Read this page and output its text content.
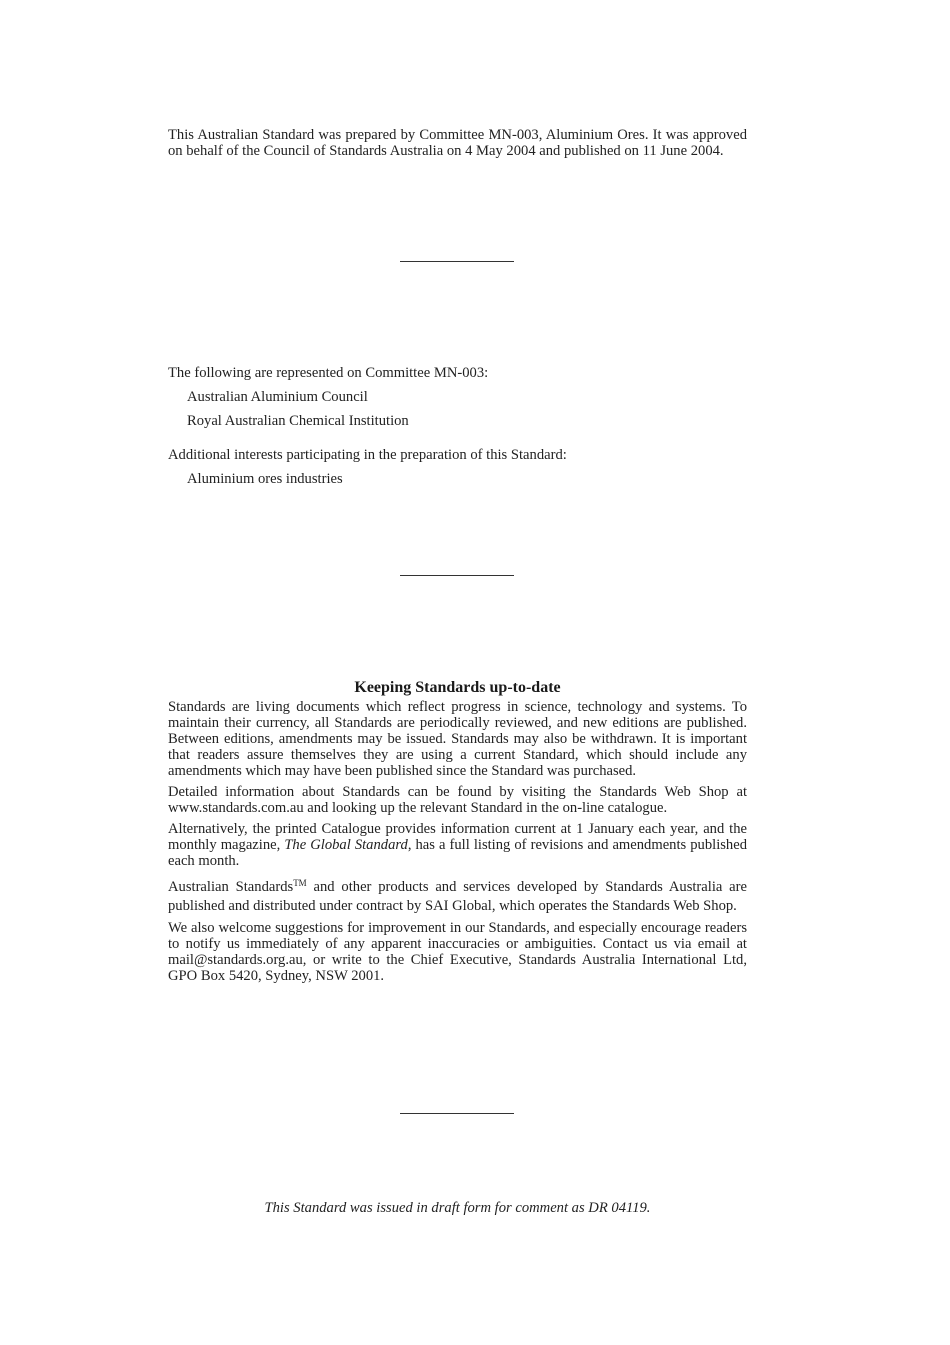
This Australian Standard was prepared by Committee MN-003, Aluminium Ores. It was approved on behalf of the Council of Standards Australia on 4 May 2004 and published on 11 June 2004.

The following are represented on Committee MN-003:

Australian Aluminium Council
Royal Australian Chemical Institution

Additional interests participating in the preparation of this Standard:

Aluminium ores industries
Keeping Standards up-to-date

Standards are living documents which reflect progress in science, technology and systems. To maintain their currency, all Standards are periodically reviewed, and new editions are published. Between editions, amendments may be issued. Standards may also be withdrawn. It is important that readers assure themselves they are using a current Standard, which should include any amendments which may have been published since the Standard was purchased.

Detailed information about Standards can be found by visiting the Standards Web Shop at www.standards.com.au and looking up the relevant Standard in the on-line catalogue.

Alternatively, the printed Catalogue provides information current at 1 January each year, and the monthly magazine, The Global Standard, has a full listing of revisions and amendments published each month.

Australian Standards™ and other products and services developed by Standards Australia are published and distributed under contract by SAI Global, which operates the Standards Web Shop.

We also welcome suggestions for improvement in our Standards, and especially encourage readers to notify us immediately of any apparent inaccuracies or ambiguities. Contact us via email at mail@standards.org.au, or write to the Chief Executive, Standards Australia International Ltd, GPO Box 5420, Sydney, NSW 2001.

This Standard was issued in draft form for comment as DR 04119.
